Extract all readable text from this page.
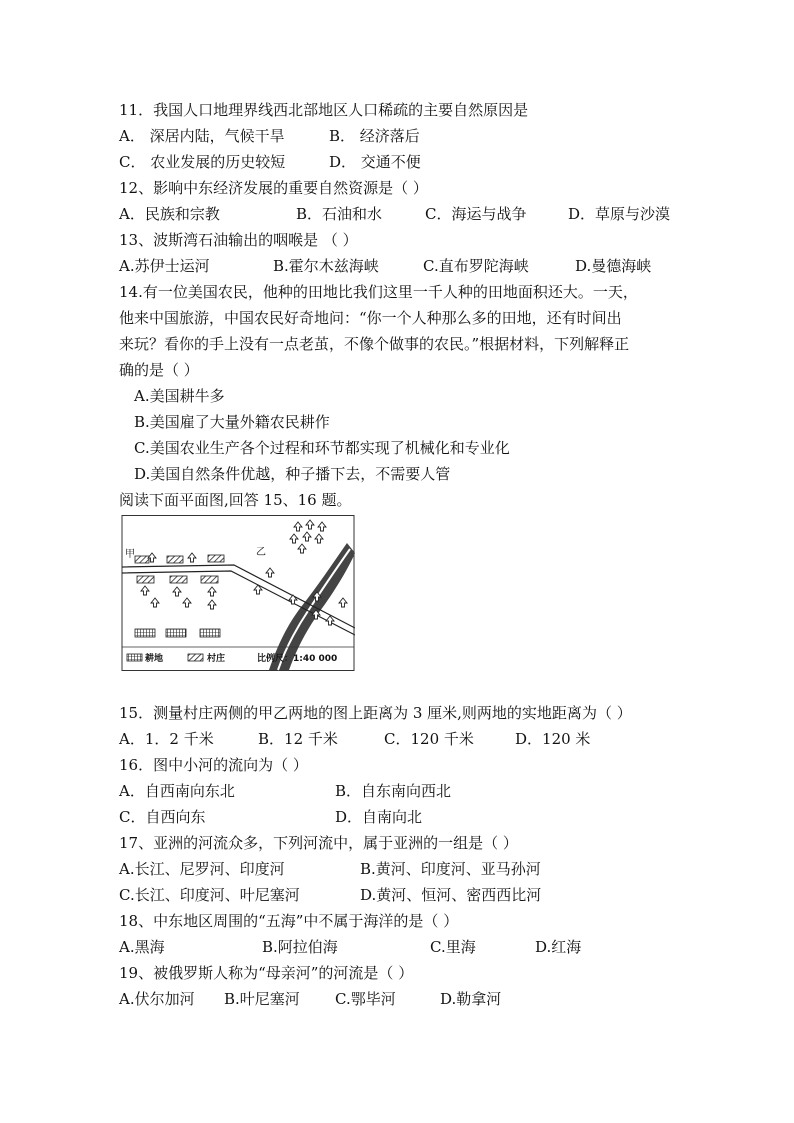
11．我国人口地理界线西北部地区人口稀疏的主要自然原因是
A． 深居内陆，气候干旱	B． 经济落后
C． 农业发展的历史较短	D． 交通不便
12、影响中东经济发展的重要自然资源是（ ）
A．民族和宗教	B．石油和水	C．海运与战争	D．草原与沙漠
13、波斯湾石油输出的咽喉是 （ ）
A.苏伊士运河	B.霍尔木兹海峡	C.直布罗陀海峡	D.曼德海峡
14.有一位美国农民，他种的田地比我们这里一千人种的田地面积还大。一天，
他来中国旅游，中国农民好奇地问：“你一个人种那么多的田地，还有时间出
来玩？看你的手上没有一点老茧，不像个做事的农民。”根据材料，下列解释正
确的是（ ）
A.美国耕牛多
B.美国雇了大量外籍农民耕作
C.美国农业生产各个过程和环节都实现了机械化和专业化
D.美国自然条件优越，种子播下去，不需要人管
阅读下面平面图,回答 15、16 题。
甲	乙
耕地	村庄	比例尺：1:40 000
15．测量村庄两侧的甲乙两地的图上距离为 3 厘米,则两地的实地距离为（ ）
A．1．2 千米	B．12 千米	C．120 千米	D．120 米
16．图中小河的流向为（ ）
A．自西南向东北	B．自东南向西北
C．自西向东	D．自南向北
17、亚洲的河流众多，下列河流中，属于亚洲的一组是（ ）
A.长江、尼罗河、印度河	B.黄河、印度河、亚马孙河
C.长江、印度河、叶尼塞河	D.黄河、恒河、密西西比河
18、中东地区周围的“五海”中不属于海洋的是（ ）
A.黑海	B.阿拉伯海	C.里海	D.红海
19、被俄罗斯人称为“母亲河”的河流是（ ）
A.伏尔加河 B.叶尼塞河 C.鄂毕河	D.勒拿河
